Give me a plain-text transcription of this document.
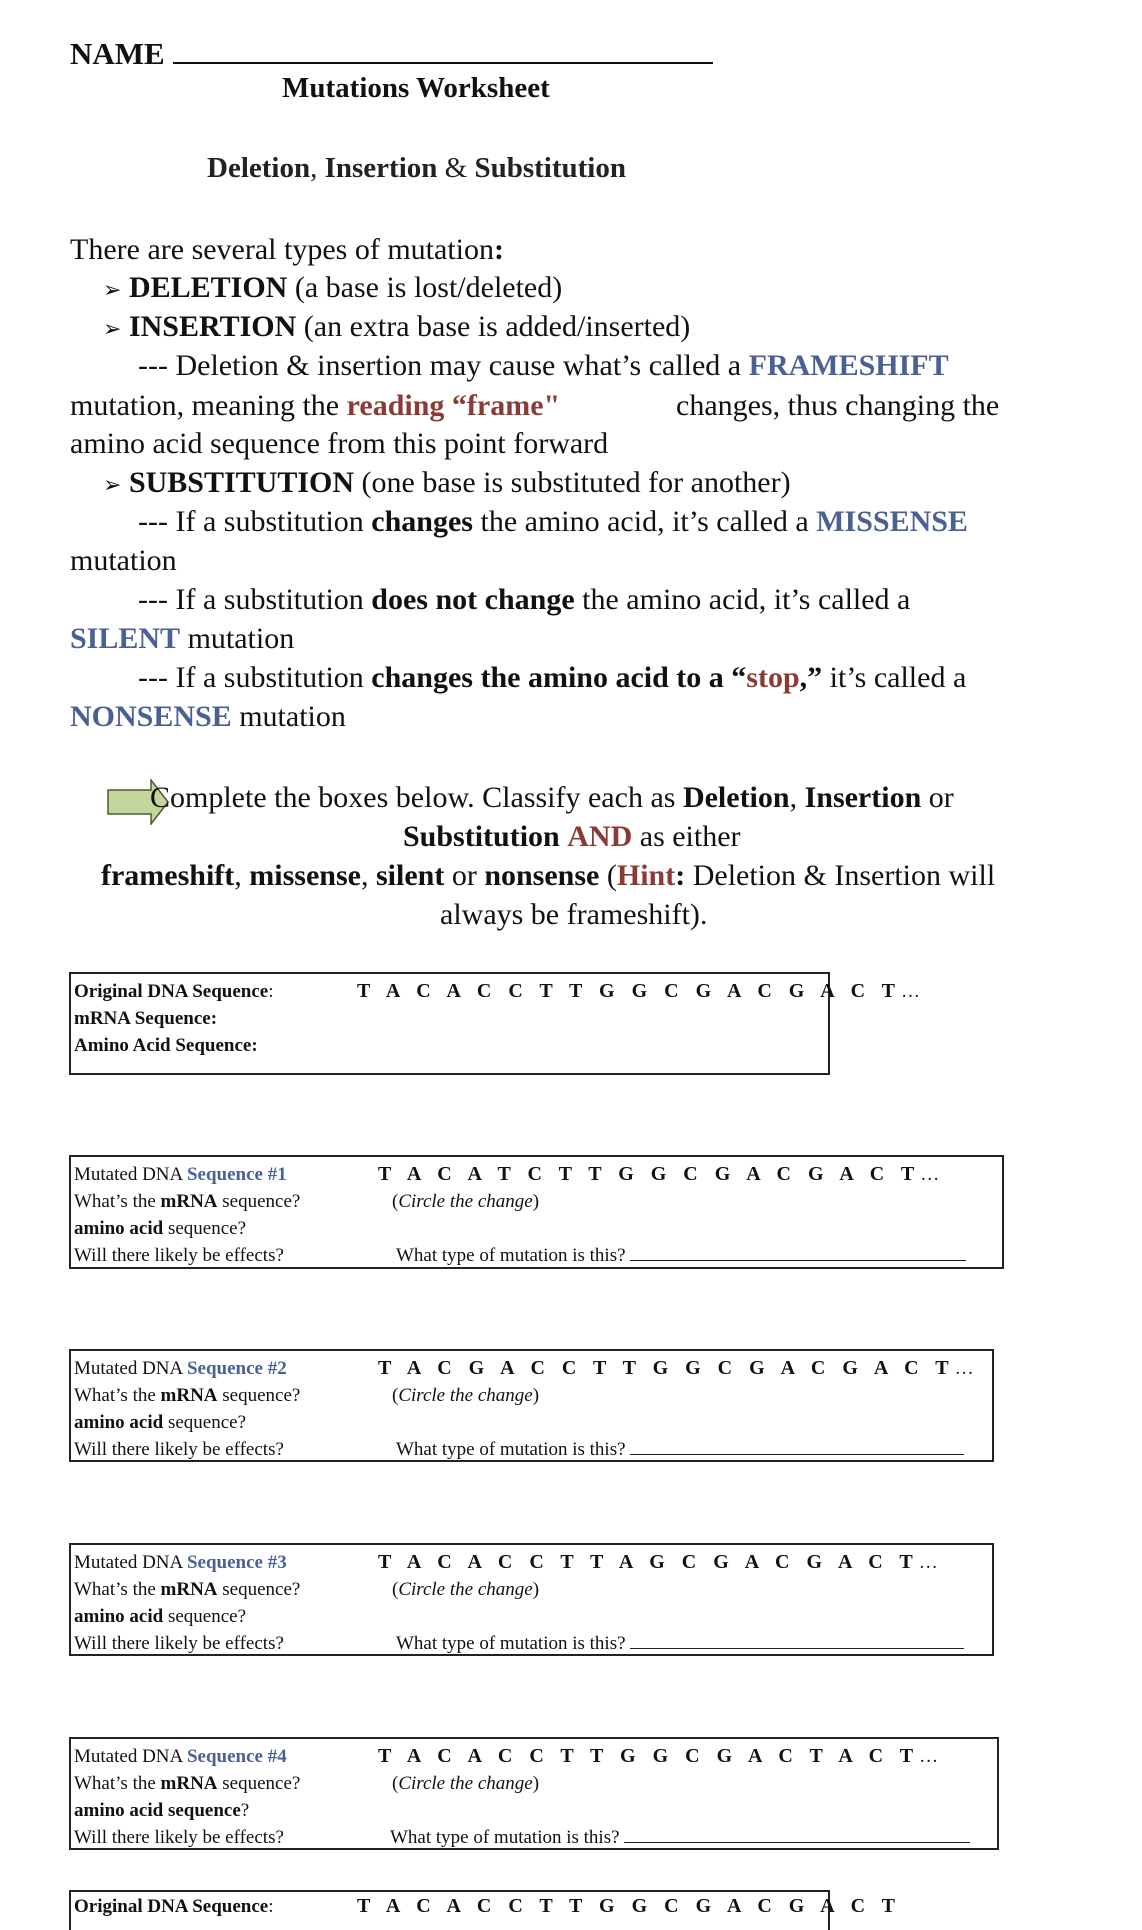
NAME
Mutations Worksheet
Deletion, Insertion & Substitution
There are several types of mutation:
➢ DELETION (a base is lost/deleted)
➢ INSERTION (an extra base is added/inserted)
--- Deletion & insertion may cause what’s called a FRAMESHIFT
mutation, meaning the reading “frame"	changes, thus changing the
amino acid sequence from this point forward
➢ SUBSTITUTION (one base is substituted for another)
--- If a substitution changes the amino acid, it’s called a MISSENSE
mutation
--- If a substitution does not change the amino acid, it’s called a
SILENT mutation
--- If a substitution changes the amino acid to a “stop,” it’s called a
NONSENSE mutation
Complete the boxes below. Classify each as Deletion, Insertion or
Substitution AND as either
frameshift, missense, silent or nonsense (Hint: Deletion & Insertion will
always be frameshift).
Original DNA Sequence:	T A C A C C T T G G C G A C G A C T…
mRNA Sequence:
Amino Acid Sequence:
Mutated DNA Sequence #1	T A C A T C T T G G C G A C G A C T…
What’s the mRNA sequence?	(Circle the change)
amino acid sequence?
Will there likely be effects?	What type of mutation is this?
Mutated DNA Sequence #2	T A C G A C C T T G G C G A C G A C T…
What’s the mRNA sequence?	(Circle the change)
amino acid sequence?
Will there likely be effects?	What type of mutation is this?
Mutated DNA Sequence #3	T A C A C C T T A G C G A C G A C T…
What’s the mRNA sequence?	(Circle the change)
amino acid sequence?
Will there likely be effects?	What type of mutation is this?
Mutated DNA Sequence #4	T A C A C C T T G G C G A C T A C T…
What’s the mRNA sequence?	(Circle the change)
amino acid sequence?
Will there likely be effects?	What type of mutation is this?
Original DNA Sequence:	T A C A C C T T G G C G A C G A C T
